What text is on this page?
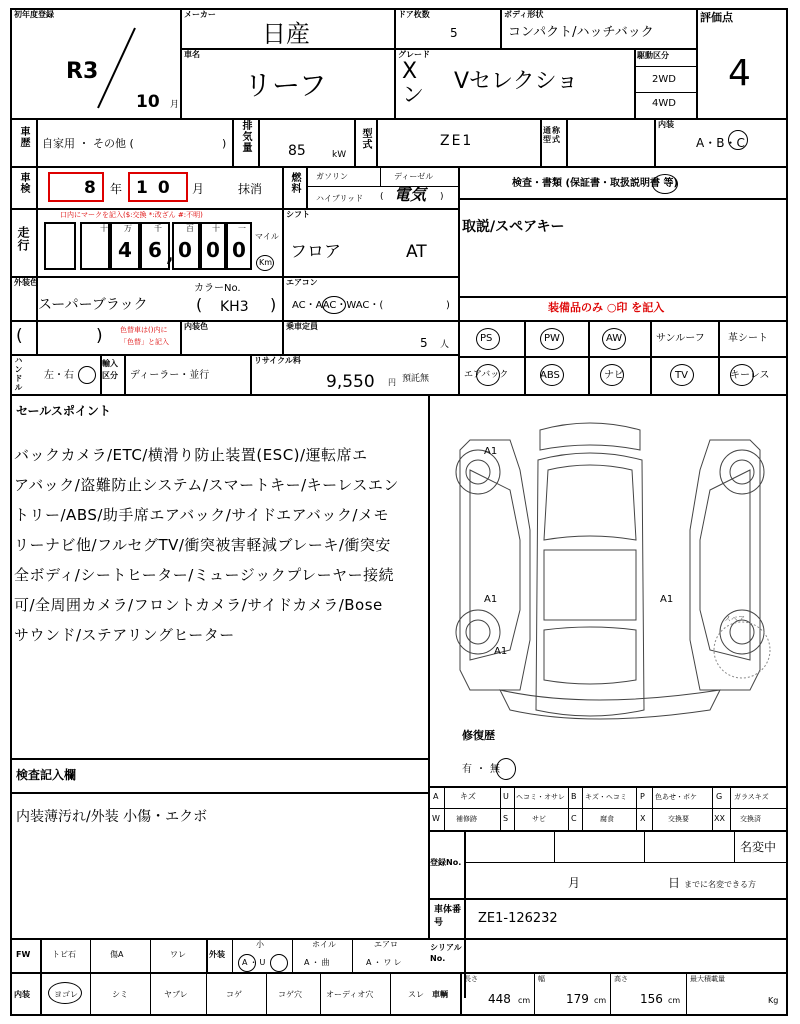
初年度登録
R3
10 月
メーカー
日産
ドア枚数
5
ボディ形状
コンパクト/ハッチバック
評価点
4
車名
リーフ
グレード
X
ン
Vセレクショ
駆動区分
2WD
4WD
車歴 自家用 ・ その他 (	) 排気量	85	kW
型式	ZE1
通称型式
内装
A・B・C
車検	8 年 10 月	抹消	燃料 ガソリン	ディーゼル
ハイブリッド ( 電気 )
検査・書類 (保証書・取扱説明書 等)
取説/スペアキー
走行
口内にマークを記入($:交換 *:改ざん #:不明)
十 万	千	百 十 一
4 6 , 0 0 0
マイル
Km
シフト
フロア	AT
外装色
スーパーブラック
カラーNo.
( KH3 )
エアコン
AC・AAC・WAC・(	)	装備品のみ ○印 を記入
(	) 色替車は()内に「色替」と記入
内装色	乗車定員
5 人
PS	PW	AW	サンルーフ 革シート
エアバック	ABS	ナビ	TV	キーレス
ハンドル 左・右
輸入区分	ディーラー・並行
リサイクル料
9,550 円 預託無
セールスポイント
バックカメラ/ETC/横滑り防止装置(ESC)/運転席エ
アバック/盗難防止システム/スマートキー/キーレスエン
トリー/ABS/助手席エアバック/サイドエアバック/メモ
リーナビ他/フルセグTV/衝突被害軽減ブレーキ/衝突安
全ボディ/シートヒーター/ミュージックプレーヤー接続
可/全周囲カメラ/フロントカメラ/サイドカメラ/Bose
サウンド/ステアリングヒーター
検査記入欄
内装薄汚れ/外装 小傷・エクボ
A1
A1	A1
A1
スペア
修復歴
有・無
A	キズ	U ヘコミ・オサレ B キズ・ヘコミ P 色あせ・ボケ G ガラスキズ
W 補修跡	S	サビ	C	腐食	X	交換要	XX 交換済
登録No.
名変中
月	日 までに名変できる方
車体番号	ZE1-126232
シリアルNo.
FW	トビ石	傷A	ワレ	外装
小
A・U
ホイル
A・曲
エアロ
A・ワレ
内装	ヨゴレ	シミ	ヤブレ	コゲ	コゲ穴	オーディオ穴	スレ 車輌
長さ
448 cm
幅
179 cm
高さ
156 cm
最大積載量
Kg
